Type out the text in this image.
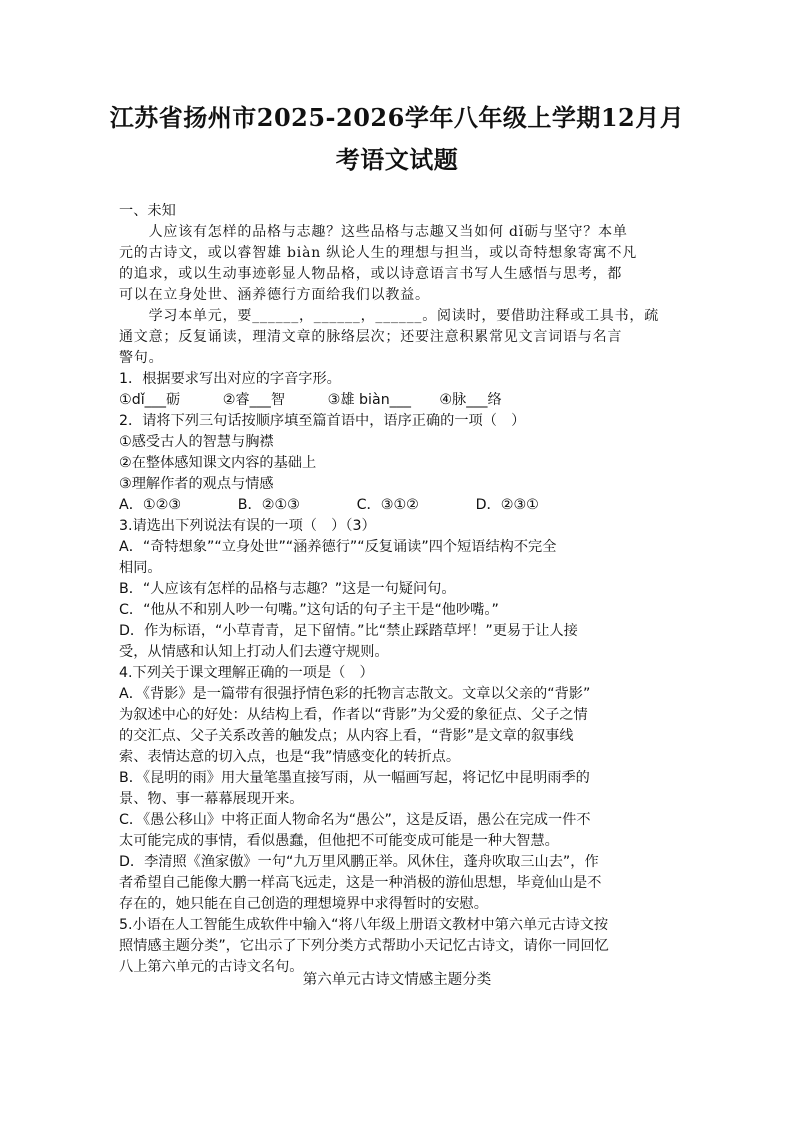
江苏省扬州市2025-2026学年八年级上学期12月月
考语文试题
一、未知
　　人应该有怎样的品格与志趣？这些品格与志趣又当如何 dǐ砺与坚守？本单
元的古诗文，或以睿智雄 biàn 纵论人生的理想与担当，或以奇特想象寄寓不凡
的追求，或以生动事迹彰显人物品格，或以诗意语言书写人生感悟与思考，都
可以在立身处世、涵养德行方面给我们以教益。
　　学习本单元，要______，______，______。阅读时，要借助注释或工具书，疏
通文意；反复诵读，理清文章的脉络层次；还要注意积累常见文言词语与名言
警句。
1．根据要求写出对应的字音字形。
①dǐ___砺　　　②睿___智　　　③雄 biàn___　　④脉___络
2．请将下列三句话按顺序填至篇首语中，语序正确的一项（　）
①感受古人的智慧与胸襟
②在整体感知课文内容的基础上
③理解作者的观点与情感
A．①②③　　　　B．②①③　　　　C．③①②　　　　D．②③①
3.请选出下列说法有误的一项（　）（3）
A．“奇特想象”“立身处世”“涵养德行”“反复诵读”四个短语结构不完全
相同。
B．“人应该有怎样的品格与志趣？”这是一句疑问句。
C．“他从不和别人吵一句嘴。”这句话的句子主干是“他吵嘴。”
D．作为标语，“小草青青，足下留情。”比“禁止踩踏草坪！”更易于让人接
受，从情感和认知上打动人们去遵守规则。
4.下列关于课文理解正确的一项是（　）
A．《背影》是一篇带有很强抒情色彩的托物言志散文。文章以父亲的“背影”
为叙述中心的好处：从结构上看，作者以“背影”为父爱的象征点、父子之情
的交汇点、父子关系改善的触发点；从内容上看，“背影”是文章的叙事线
索、表情达意的切入点，也是“我”情感变化的转折点。
B．《昆明的雨》用大量笔墨直接写雨，从一幅画写起，将记忆中昆明雨季的
景、物、事一幕幕展现开来。
C．《愚公移山》中将正面人物命名为“愚公”，这是反语，愚公在完成一件不
太可能完成的事情，看似愚蠢，但他把不可能变成可能是一种大智慧。
D．李清照《渔家傲》一句“九万里风鹏正举。风休住，蓬舟吹取三山去”，作
者希望自己能像大鹏一样高飞远走，这是一种消极的游仙思想，毕竟仙山是不
存在的，她只能在自己创造的理想境界中求得暂时的安慰。
5.小语在人工智能生成软件中输入“将八年级上册语文教材中第六单元古诗文按
照情感主题分类”，它出示了下列分类方式帮助小天记忆古诗文，请你一同回忆
八上第六单元的古诗文名句。
第六单元古诗文情感主题分类
